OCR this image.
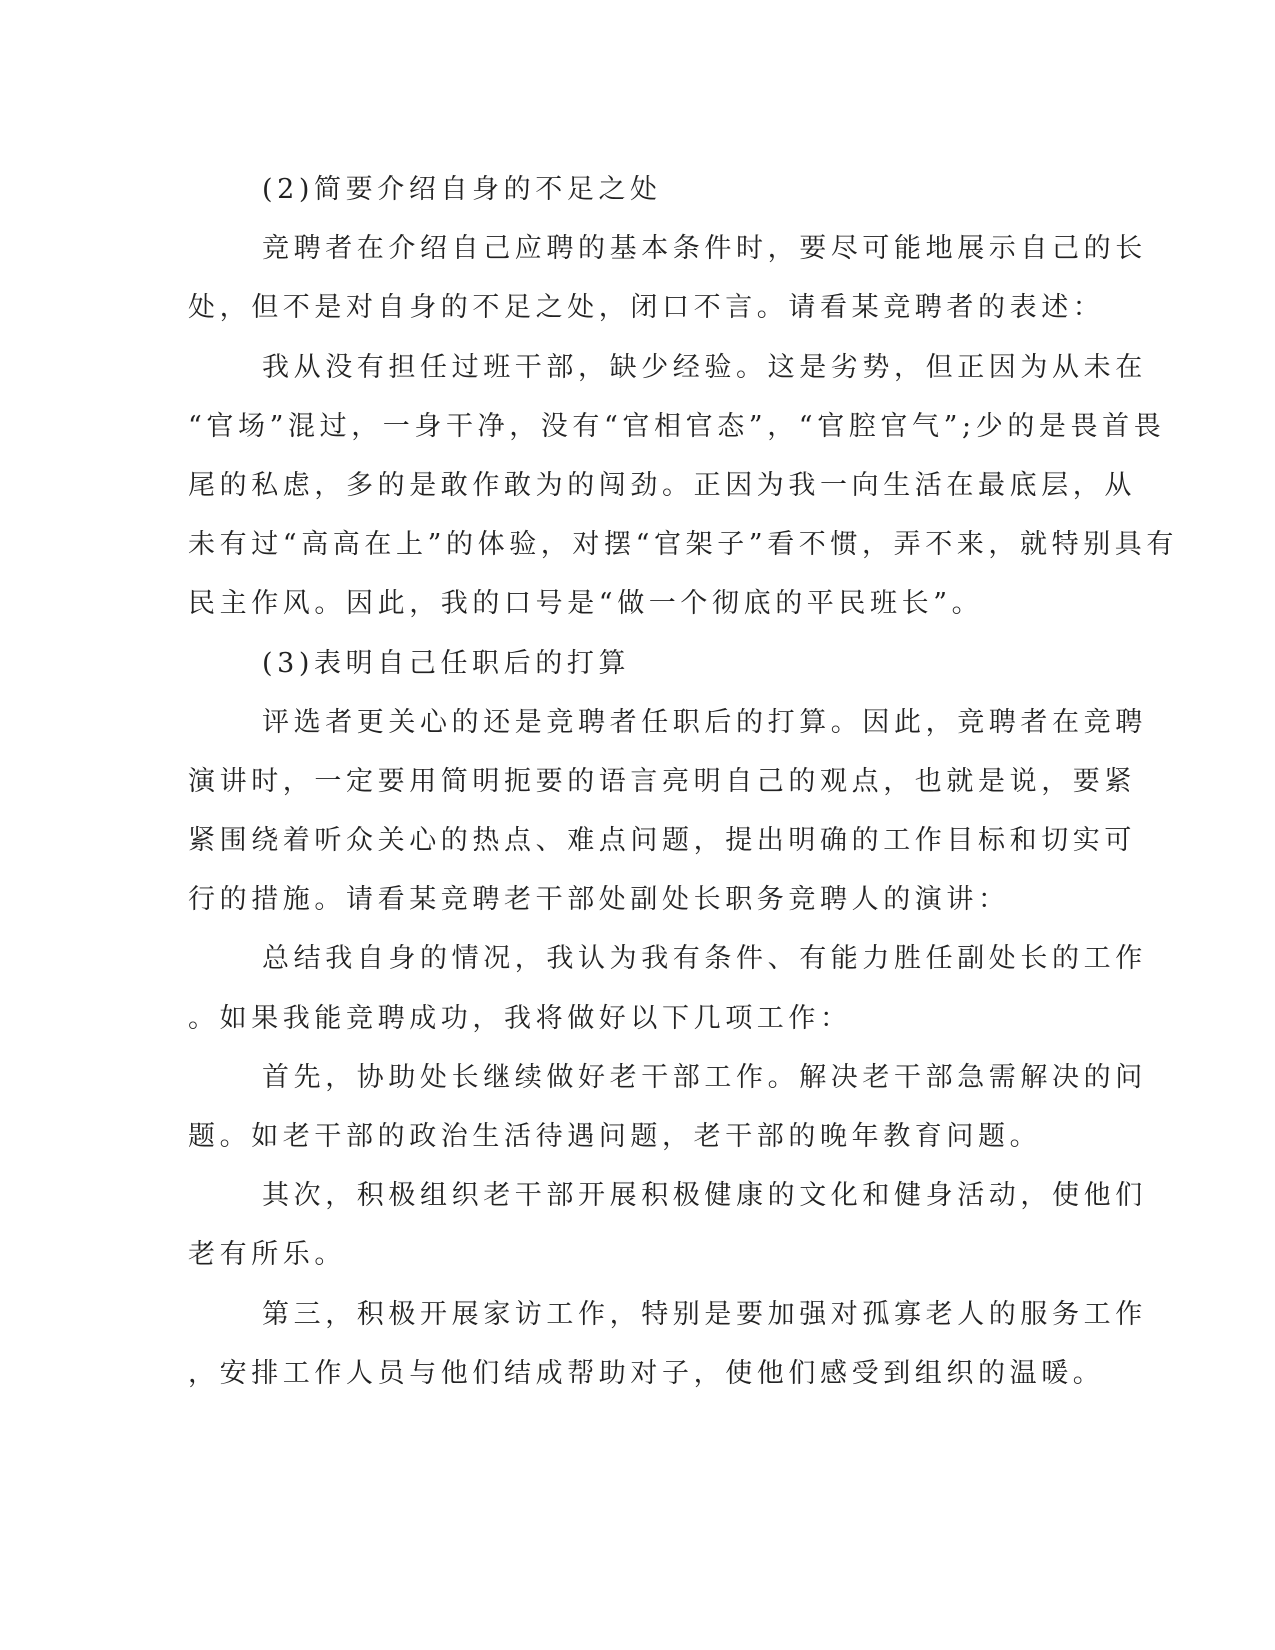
(2)简要介绍自身的不足之处
竞聘者在介绍自己应聘的基本条件时，要尽可能地展示自己的长
处，但不是对自身的不足之处，闭口不言。请看某竞聘者的表述：
我从没有担任过班干部，缺少经验。这是劣势，但正因为从未在
“官场”混过，一身干净，没有“官相官态”，“官腔官气”;少的是畏首畏
尾的私虑，多的是敢作敢为的闯劲。正因为我一向生活在最底层，从
未有过“高高在上”的体验，对摆“官架子”看不惯，弄不来，就特别具有
民主作风。因此，我的口号是“做一个彻底的平民班长”。
(3)表明自己任职后的打算
评选者更关心的还是竞聘者任职后的打算。因此，竞聘者在竞聘
演讲时，一定要用简明扼要的语言亮明自己的观点，也就是说，要紧
紧围绕着听众关心的热点、难点问题，提出明确的工作目标和切实可
行的措施。请看某竞聘老干部处副处长职务竞聘人的演讲：
总结我自身的情况，我认为我有条件、有能力胜任副处长的工作
。如果我能竞聘成功，我将做好以下几项工作：
首先，协助处长继续做好老干部工作。解决老干部急需解决的问
题。如老干部的政治生活待遇问题，老干部的晚年教育问题。
其次，积极组织老干部开展积极健康的文化和健身活动，使他们
老有所乐。
第三，积极开展家访工作，特别是要加强对孤寡老人的服务工作
，安排工作人员与他们结成帮助对子，使他们感受到组织的温暖。
